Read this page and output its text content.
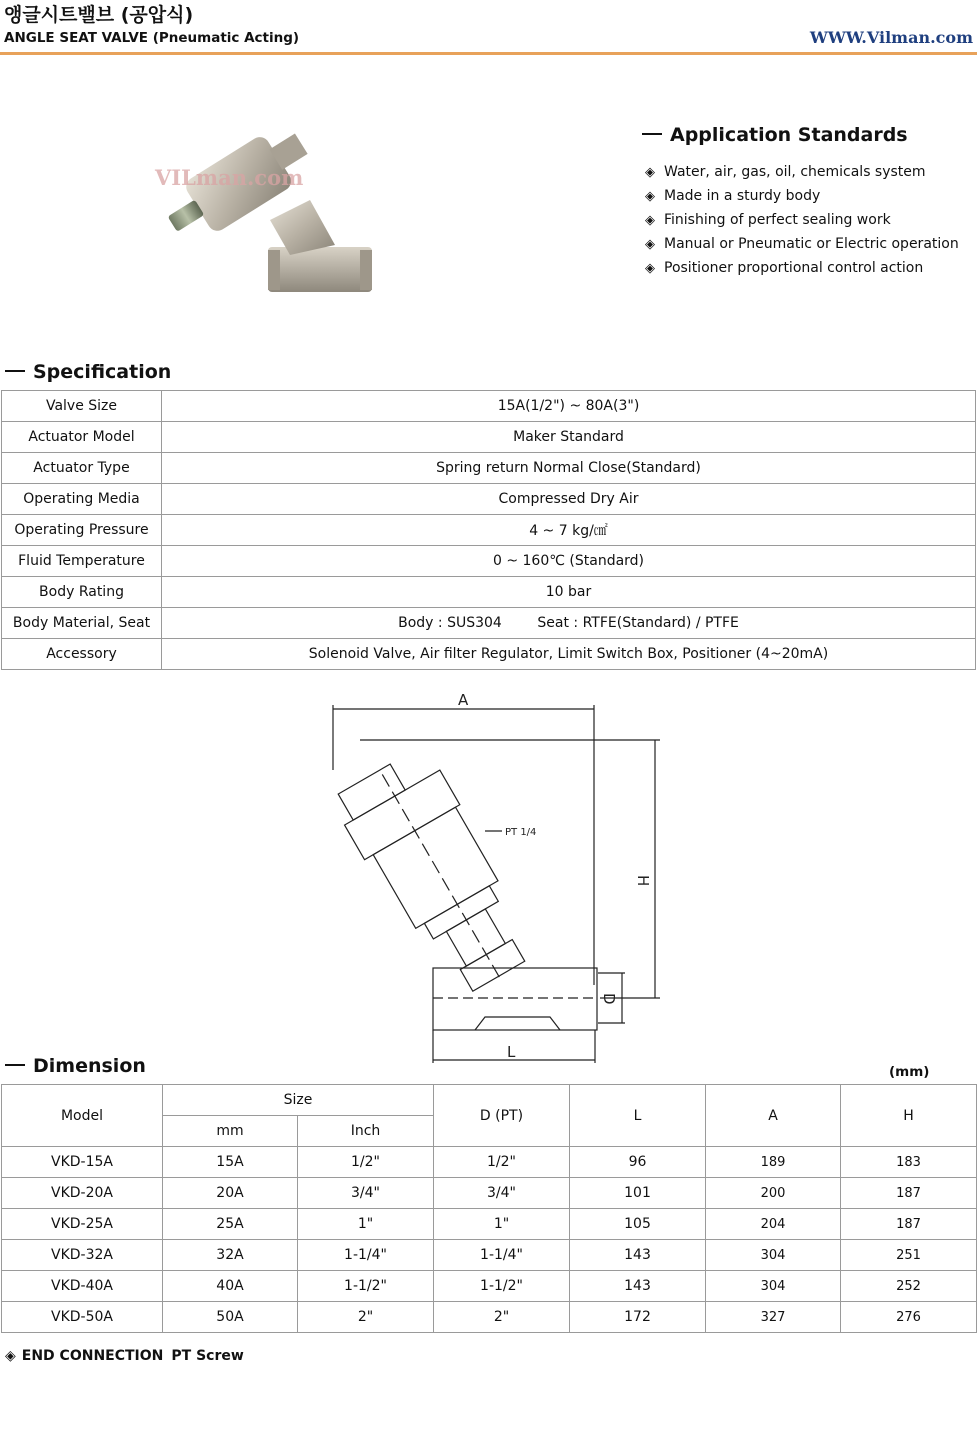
앵글시트밸브 (공압식)
ANGLE SEAT VALVE (Pneumatic Acting)	WWW.Vilman.com
VILman.com
Application Standards
◈ Water, air, gas, oil, chemicals system
◈ Made in a sturdy body
◈ Finishing of perfect sealing work
◈ Manual or Pneumatic or Electric operation
◈ Positioner proportional control action
Specification
Valve Size	15A(1/2") ~ 80A(3")
Actuator Model	Maker Standard
Actuator Type	Spring return Normal Close(Standard)
Operating Media	Compressed Dry Air
Operating Pressure	4 ~ 7 kg/㎠
Fluid Temperature	0 ~ 160℃ (Standard)
Body Rating	10 bar
Body Material, Seat	Body : SUS304        Seat : RTFE(Standard) / PTFE
Accessory	Solenoid Valve, Air filter Regulator, Limit Switch Box, Positioner (4~20mA)
A
H
D
L
PT 1/4
Dimension	(mm)
Model	Size		D (PT)	L	A	H
	mm	Inch				
VKD-15A	15A	1/2"	1/2"	96	189	183
VKD-20A	20A	3/4"	3/4"	101	200	187
VKD-25A	25A	1"	1"	105	204	187
VKD-32A	32A	1-1/4"	1-1/4"	143	304	251
VKD-40A	40A	1-1/2"	1-1/2"	143	304	252
VKD-50A	50A	2"	2"	172	327	276
◈ END CONNECTION PT Screw
